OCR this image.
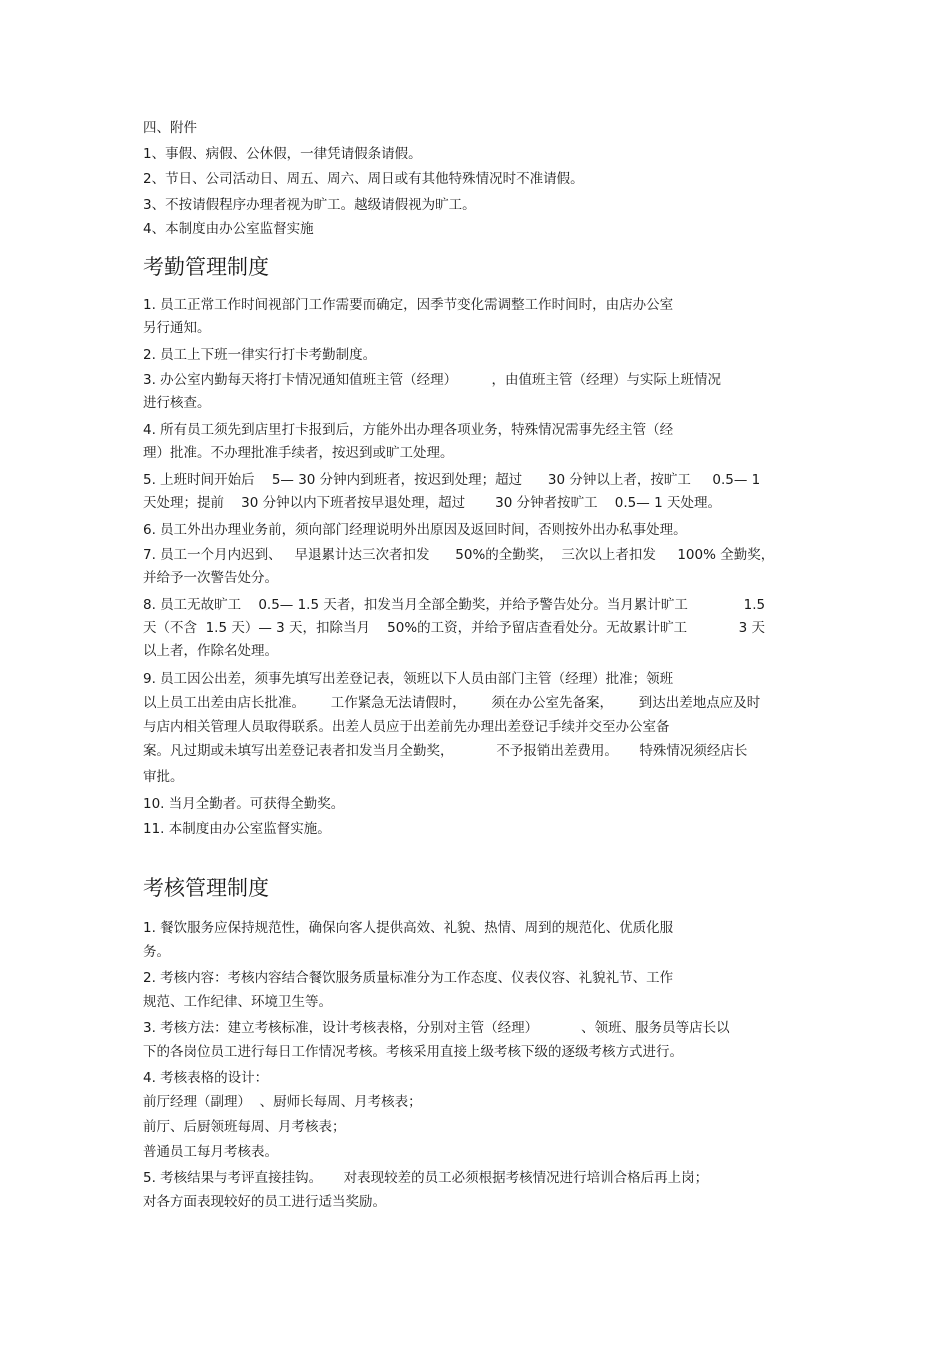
四、附件

1、事假、病假、公休假，一律凭请假条请假。

2、节日、公司活动日、周五、周六、周日或有其他特殊情况时不准请假。

3、不按请假程序办理者视为旷工。越级请假视为旷工。

4、本制度由办公室监督实施

考勤管理制度

1. 员工正常工作时间视部门工作需要而确定，因季节变化需调整工作时间时，由店办公室

另行通知。

2. 员工上下班一律实行打卡考勤制度。

3. 办公室内勤每天将打卡情况通知值班主管（经理）        ，由值班主管（经理）与实际上班情况

进行核查。

4. 所有员工须先到店里打卡报到后，方能外出办理各项业务，特殊情况需事先经主管（经

理）批准。不办理批准手续者，按迟到或旷工处理。

5. 上班时间开始后    5— 30 分钟内到班者，按迟到处理；超过      30 分钟以上者，按旷工     0.5— 1

天处理；提前    30 分钟以内下班者按早退处理，超过       30 分钟者按旷工    0.5— 1 天处理。

6. 员工外出办理业务前，须向部门经理说明外出原因及返回时间，否则按外出办私事处理。

7. 员工一个月内迟到、   早退累计达三次者扣发      50%的全勤奖，  三次以上者扣发     100% 全勤奖，

并给予一次警告处分。

8. 员工无故旷工    0.5— 1.5 天者，扣发当月全部全勤奖，并给予警告处分。当月累计旷工             1.5

天（不含  1.5 天）— 3 天，扣除当月    50%的工资，并给予留店查看处分。无故累计旷工            3 天

以上者，作除名处理。

9. 员工因公出差，须事先填写出差登记表，领班以下人员由部门主管（经理）批准；领班

以上员工出差由店长批准。      工作紧急无法请假时，      须在办公室先备案，      到达出差地点应及时

与店内相关管理人员取得联系。出差人员应于出差前先办理出差登记手续并交至办公室备

案。凡过期或未填写出差登记表者扣发当月全勤奖，          不予报销出差费用。     特殊情况须经店长

审批。

10. 当月全勤者。可获得全勤奖。

11. 本制度由办公室监督实施。

考核管理制度

1. 餐饮服务应保持规范性，确保向客人提供高效、礼貌、热情、周到的规范化、优质化服

务。

2. 考核内容：考核内容结合餐饮服务质量标准分为工作态度、仪表仪容、礼貌礼节、工作

规范、工作纪律、环境卫生等。

3. 考核方法：建立考核标准，设计考核表格，分别对主管（经理）          、领班、服务员等店长以

下的各岗位员工进行每日工作情况考核。考核采用直接上级考核下级的逐级考核方式进行。

4. 考核表格的设计：

前厅经理（副理）  、厨师长每周、月考核表；

前厅、后厨领班每周、月考核表；

普通员工每月考核表。

5. 考核结果与考评直接挂钩。     对表现较差的员工必须根据考核情况进行培训合格后再上岗；

对各方面表现较好的员工进行适当奖励。
